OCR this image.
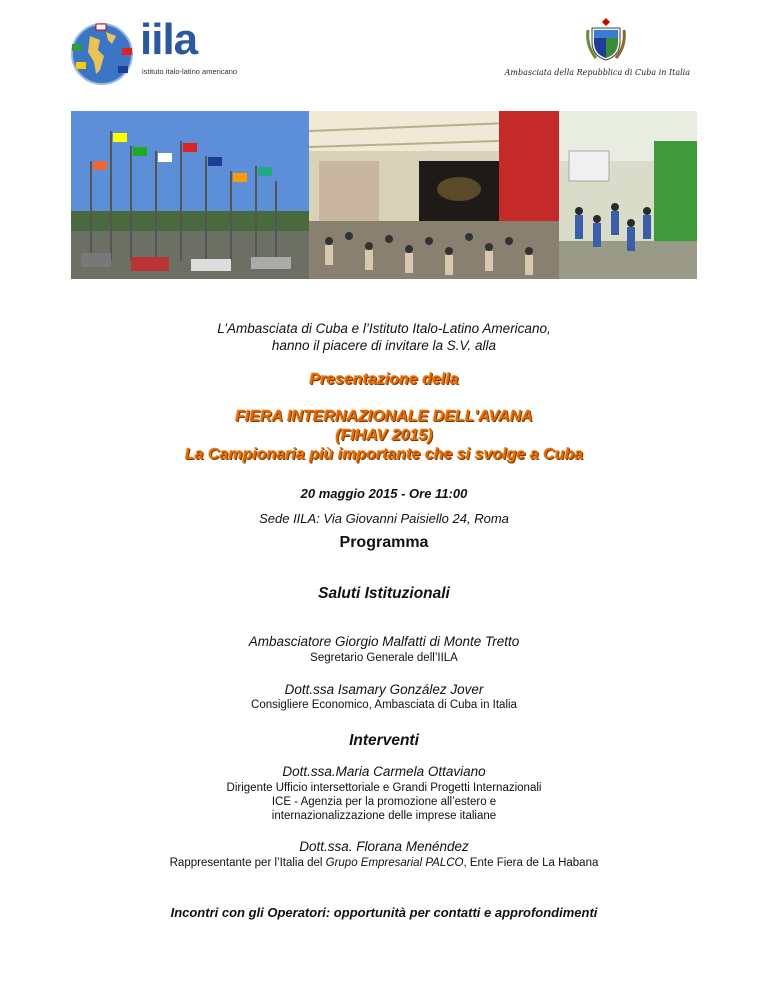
iila
istituto italo-latino americano	Ambasciata della Repubblica di Cuba in Italia
L’Ambasciata di Cuba e l’Istituto Italo-Latino Americano,
hanno il piacere di invitare la S.V. alla
Presentazione della
FIERA INTERNAZIONALE DELL'AVANA
(FIHAV 2015)
La Campionaria più importante che si svolge a Cuba
20 maggio 2015 - Ore 11:00
Sede IILA: Via Giovanni Paisiello 24, Roma
Programma
Saluti Istituzionali
Ambasciatore Giorgio Malfatti di Monte Tretto
Segretario Generale dell’IILA
Dott.ssa Isamary González Jover
Consigliere Economico, Ambasciata di Cuba in Italia
Interventi
Dott.ssa.Maria Carmela Ottaviano
Dirigente Ufficio intersettoriale e Grandi Progetti Internazionali
ICE - Agenzia per la promozione all’estero e
internazionalizzazione delle imprese italiane
Dott.ssa. Florana Menéndez
Rappresentante per l’Italia del Grupo Empresarial PALCO, Ente Fiera de La Habana
Incontri con gli Operatori: opportunità per contatti e approfondimenti
